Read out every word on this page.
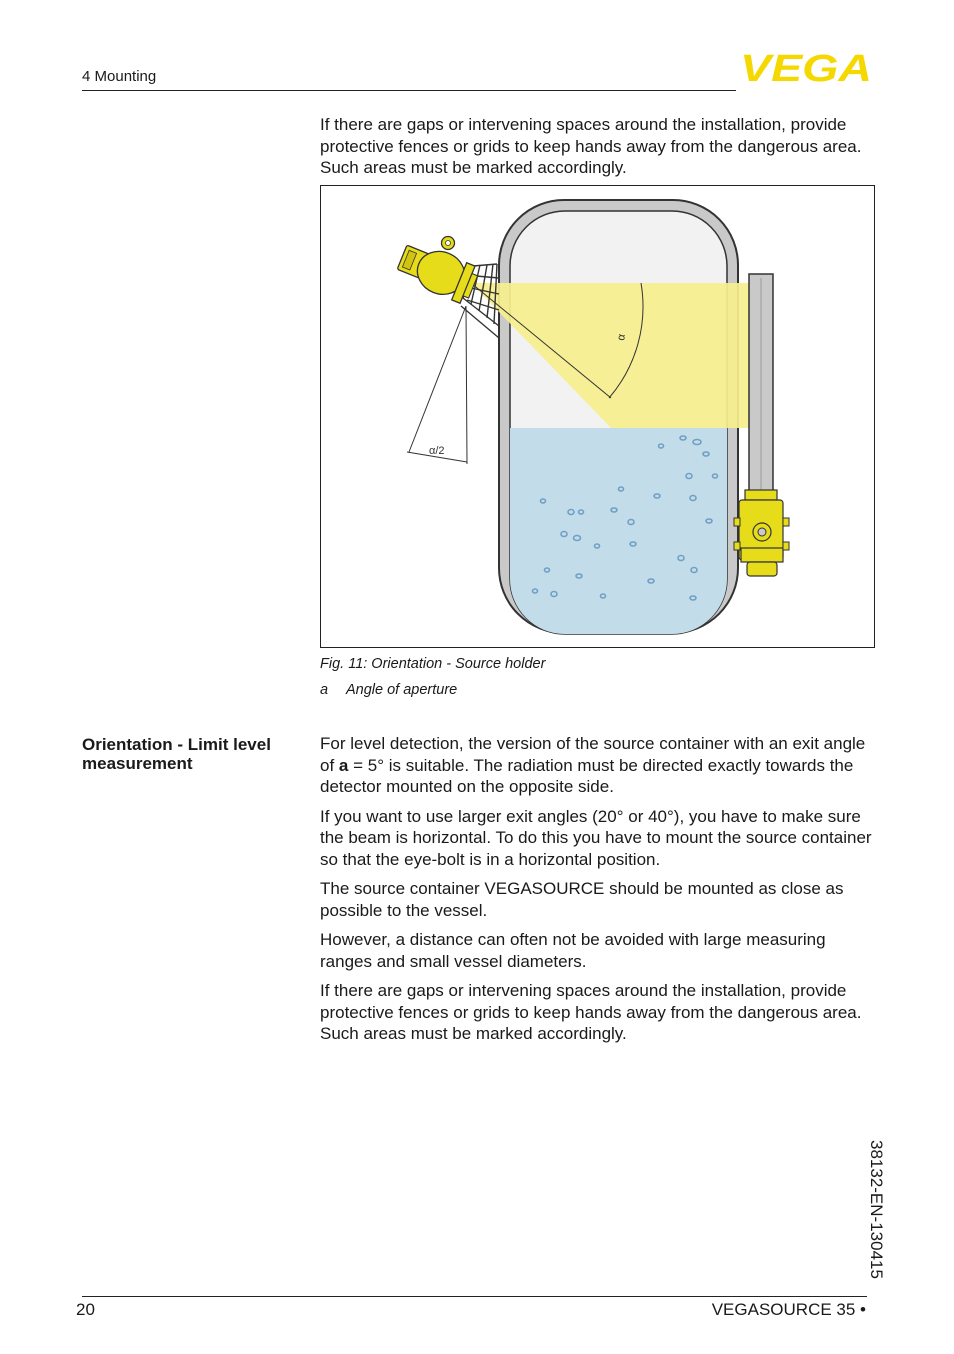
4 Mounting	VEGA

If there are gaps or intervening spaces around the installation, provide protective fences or grids to keep hands away from the dangerous area. Such areas must be marked accordingly.

α
α/2
Fig. 11: Orientation - Source holder
a Angle of aperture
Orientation - Limit level measurement

For level detection, the version of the source container with an exit angle of a = 5° is suitable. The radiation must be directed exactly towards the detector mounted on the opposite side.

If you want to use larger exit angles (20° or 40°), you have to make sure the beam is horizontal. To do this you have to mount the source container so that the eye-bolt is in a horizontal position.

The source container VEGASOURCE should be mounted as close as possible to the vessel.

However, a distance can often not be avoided with large measuring ranges and small vessel diameters.

If there are gaps or intervening spaces around the installation, provide protective fences or grids to keep hands away from the dangerous area. Such areas must be marked accordingly.

38132-EN-130415
20	VEGASOURCE 35 •
